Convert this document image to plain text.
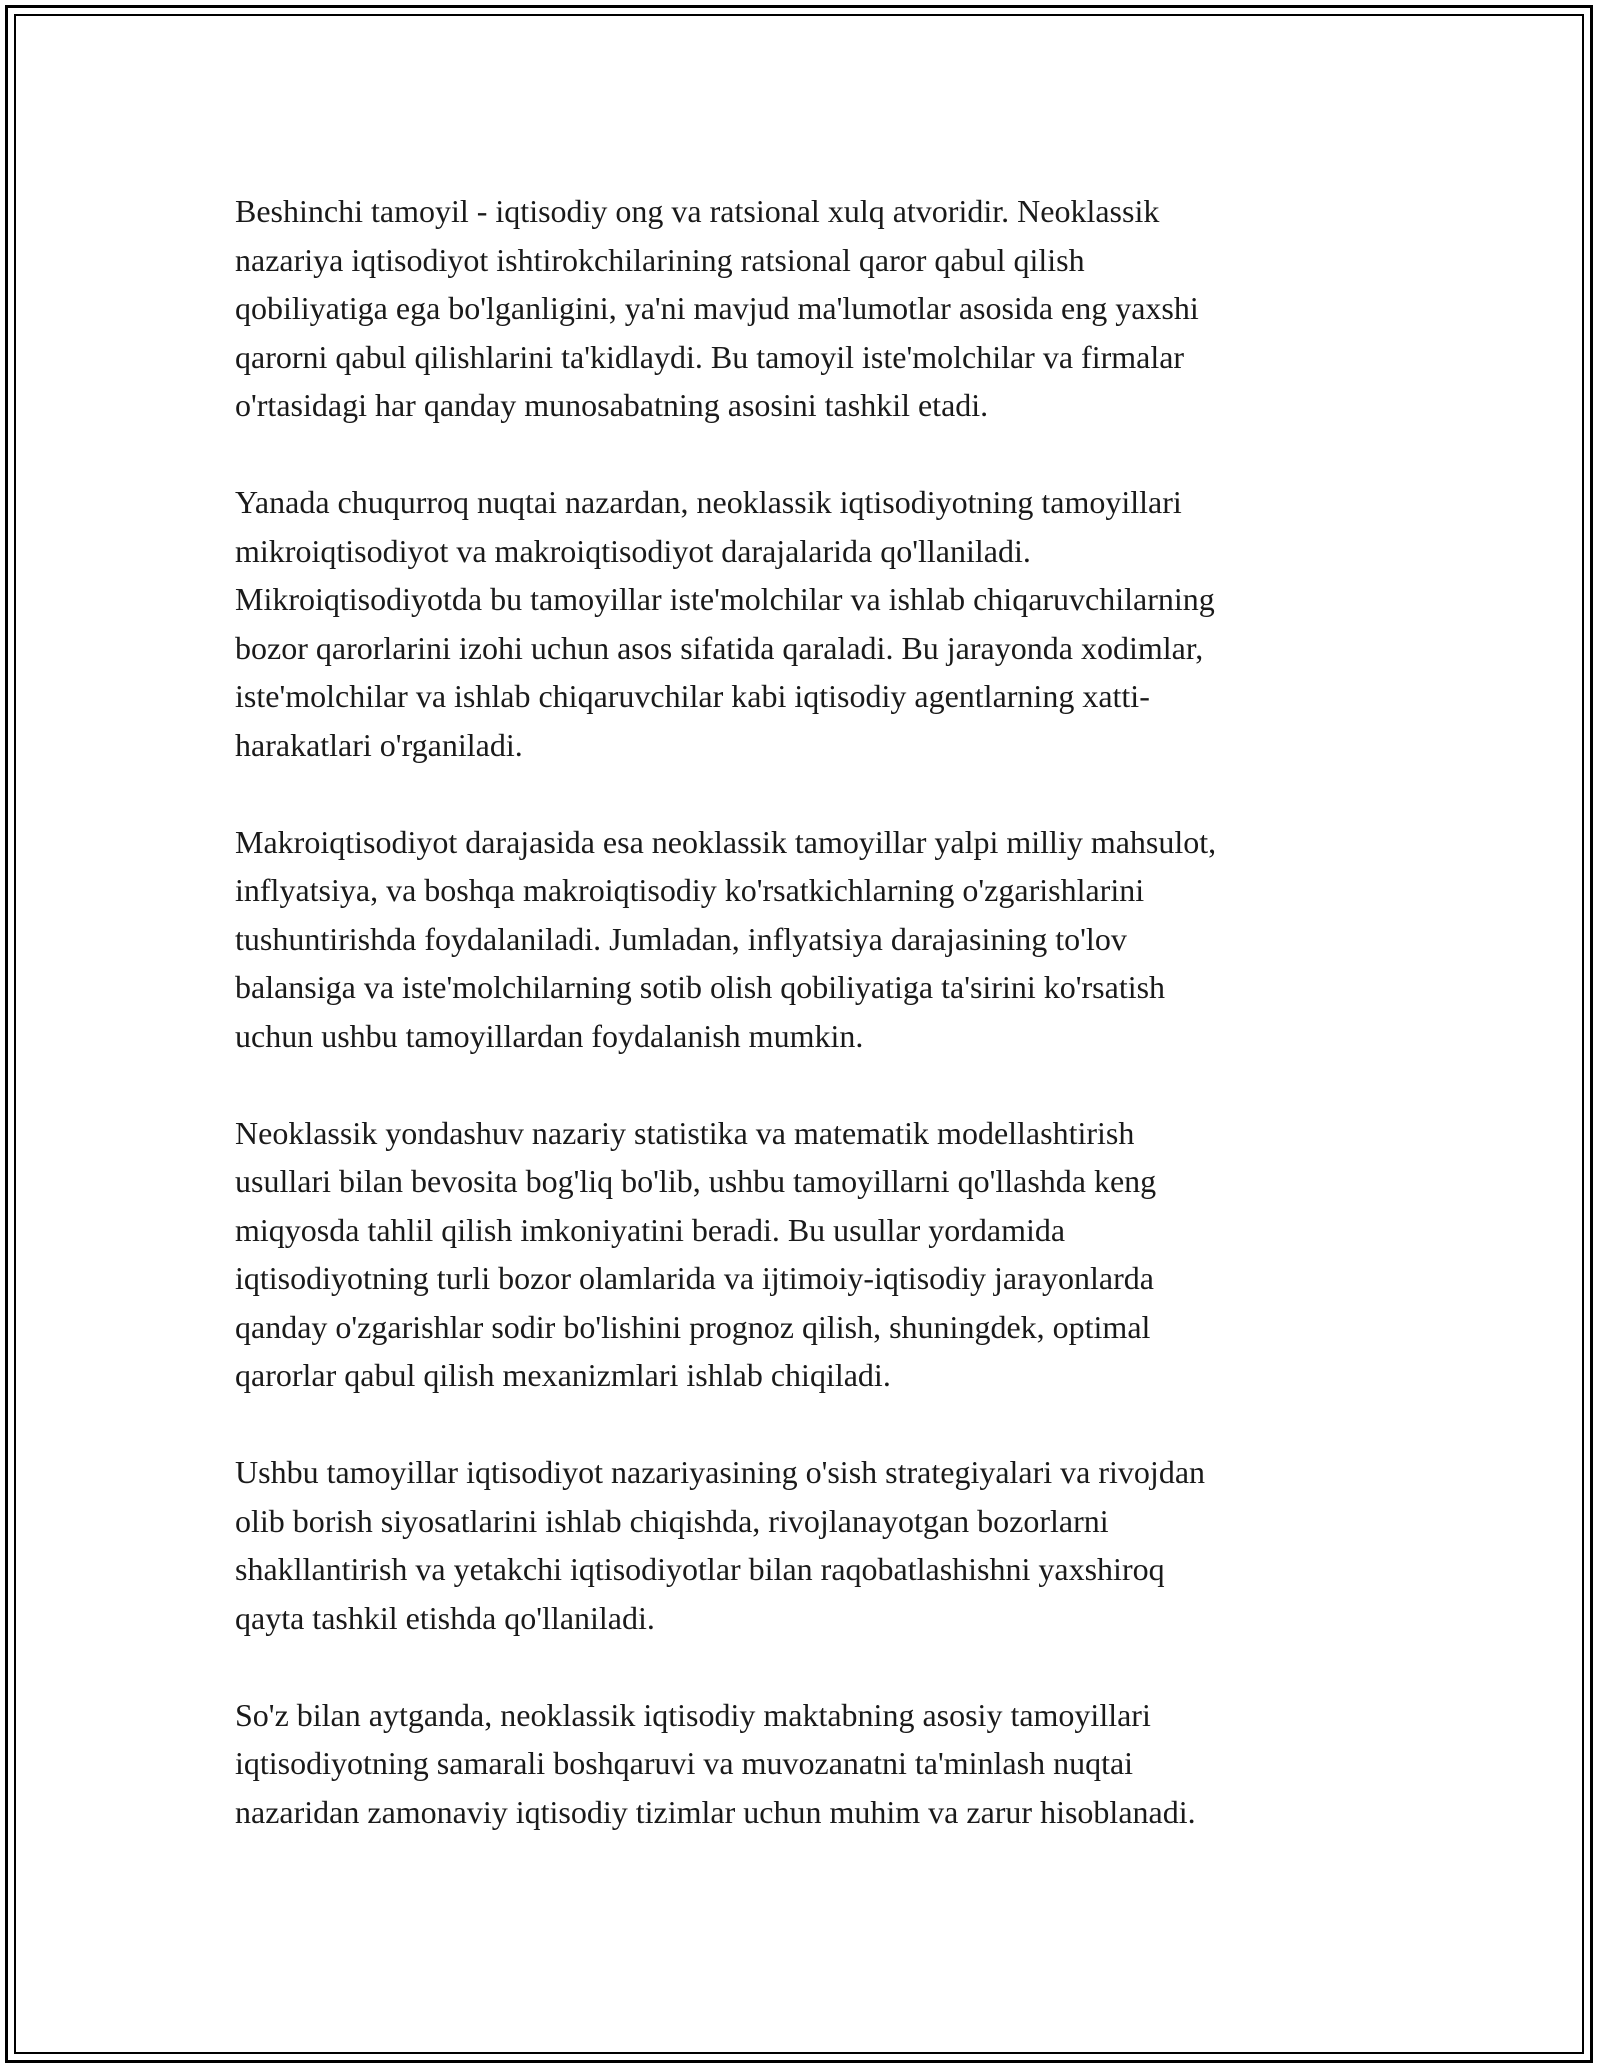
Beshinchi tamoyil - iqtisodiy ong va ratsional xulq atvoridir. Neoklassik
nazariya iqtisodiyot ishtirokchilarining ratsional qaror qabul qilish
qobiliyatiga ega bo'lganligini, ya'ni mavjud ma'lumotlar asosida eng yaxshi
qarorni qabul qilishlarini ta'kidlaydi. Bu tamoyil iste'molchilar va firmalar
o'rtasidagi har qanday munosabatning asosini tashkil etadi.

Yanada chuqurroq nuqtai nazardan, neoklassik iqtisodiyotning tamoyillari
mikroiqtisodiyot va makroiqtisodiyot darajalarida qo'llaniladi.
Mikroiqtisodiyotda bu tamoyillar iste'molchilar va ishlab chiqaruvchilarning
bozor qarorlarini izohi uchun asos sifatida qaraladi. Bu jarayonda xodimlar,
iste'molchilar va ishlab chiqaruvchilar kabi iqtisodiy agentlarning xatti-
harakatlari o'rganiladi.

Makroiqtisodiyot darajasida esa neoklassik tamoyillar yalpi milliy mahsulot,
inflyatsiya, va boshqa makroiqtisodiy ko'rsatkichlarning o'zgarishlarini
tushuntirishda foydalaniladi. Jumladan, inflyatsiya darajasining to'lov
balansiga va iste'molchilarning sotib olish qobiliyatiga ta'sirini ko'rsatish
uchun ushbu tamoyillardan foydalanish mumkin.

Neoklassik yondashuv nazariy statistika va matematik modellashtirish
usullari bilan bevosita bog'liq bo'lib, ushbu tamoyillarni qo'llashda keng
miqyosda tahlil qilish imkoniyatini beradi. Bu usullar yordamida
iqtisodiyotning turli bozor olamlarida va ijtimoiy-iqtisodiy jarayonlarda
qanday o'zgarishlar sodir bo'lishini prognoz qilish, shuningdek, optimal
qarorlar qabul qilish mexanizmlari ishlab chiqiladi.

Ushbu tamoyillar iqtisodiyot nazariyasining o'sish strategiyalari va rivojdan
olib borish siyosatlarini ishlab chiqishda, rivojlanayotgan bozorlarni
shakllantirish va yetakchi iqtisodiyotlar bilan raqobatlashishni yaxshiroq
qayta tashkil etishda qo'llaniladi.

So'z bilan aytganda, neoklassik iqtisodiy maktabning asosiy tamoyillari
iqtisodiyotning samarali boshqaruvi va muvozanatni ta'minlash nuqtai
nazaridan zamonaviy iqtisodiy tizimlar uchun muhim va zarur hisoblanadi.
